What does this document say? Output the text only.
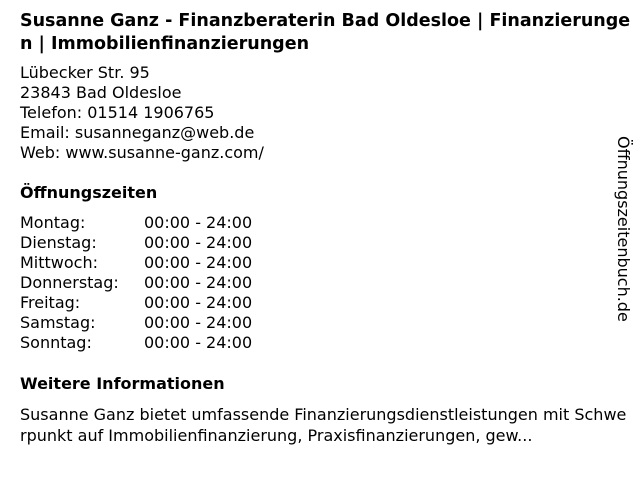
Susanne Ganz - Finanzberaterin Bad Oldesloe | Finanzierungen | Immobilienfinanzierungen
Lübecker Str. 95
23843 Bad Oldesloe
Telefon: 01514 1906765
Email: susanneganz@web.de
Web: www.susanne-ganz.com/
Öffnungszeiten
Montag:	00:00 - 24:00
Dienstag:	00:00 - 24:00
Mittwoch:	00:00 - 24:00
Donnerstag:	00:00 - 24:00
Freitag:	00:00 - 24:00
Samstag:	00:00 - 24:00
Sonntag:	00:00 - 24:00
Weitere Informationen
Susanne Ganz bietet umfassende Finanzierungsdienstleistungen mit Schwerpunkt auf Immobilienfinanzierung, Praxisfinanzierungen, gew...
Öffnungszeitenbuch.de
